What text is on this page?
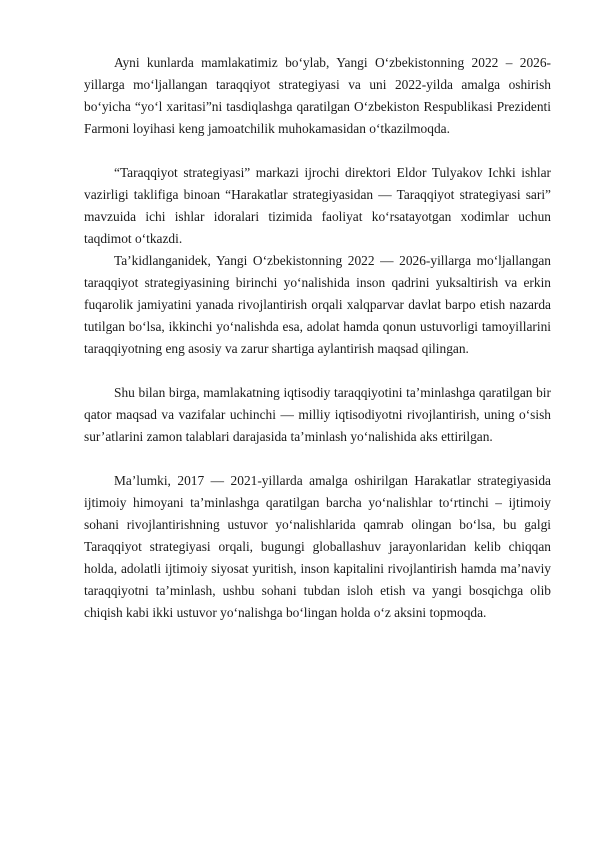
Ayni kunlarda mamlakatimiz bo‘ylab, Yangi O‘zbekistonning 2022 – 2026-yillarga mo‘ljallangan taraqqiyot strategiyasi va uni 2022-yilda amalga oshirish bo‘yicha “yo‘l xaritasi”ni tasdiqlashga qaratilgan O‘zbekiston Respublikasi Prezidenti Farmoni loyihasi keng jamoatchilik muhokamasidan o‘tkazilmoqda.

“Taraqqiyot strategiyasi” markazi ijrochi direktori Eldor Tulyakov Ichki ishlar vazirligi taklifiga binoan “Harakatlar strategiyasidan — Taraqqiyot strategiyasi sari” mavzuida ichi ishlar idoralari tizimida faoliyat ko‘rsatayotgan xodimlar uchun taqdimot o‘tkazdi.

Ta’kidlanganidek, Yangi O‘zbekistonning 2022 — 2026-yillarga mo‘ljallangan taraqqiyot strategiyasining birinchi yo‘nalishida inson qadrini yuksaltirish va erkin fuqarolik jamiyatini yanada rivojlantirish orqali xalqparvar davlat barpo etish nazarda tutilgan bo‘lsa, ikkinchi yo‘nalishda esa, adolat hamda qonun ustuvorligi tamoyillarini taraqqiyotning eng asosiy va zarur shartiga aylantirish maqsad qilingan.

Shu bilan birga, mamlakatning iqtisodiy taraqqiyotini ta’minlashga qaratilgan bir qator maqsad va vazifalar uchinchi — milliy iqtisodiyotni rivojlantirish, uning o‘sish sur’atlarini zamon talablari darajasida ta’minlash yo‘nalishida aks ettirilgan.

Ma’lumki, 2017 — 2021-yillarda amalga oshirilgan Harakatlar strategiyasida ijtimoiy himoyani ta’minlashga qaratilgan barcha yo‘nalishlar to‘rtinchi – ijtimoiy sohani rivojlantirishning ustuvor yo‘nalishlarida qamrab olingan bo‘lsa, bu galgi Taraqqiyot strategiyasi orqali, bugungi globallashuv jarayonlaridan kelib chiqqan holda, adolatli ijtimoiy siyosat yuritish, inson kapitalini rivojlantirish hamda ma’naviy taraqqiyotni ta’minlash, ushbu sohani tubdan isloh etish va yangi bosqichga olib chiqish kabi ikki ustuvor yo‘nalishga bo‘lingan holda o‘z aksini topmoqda.
